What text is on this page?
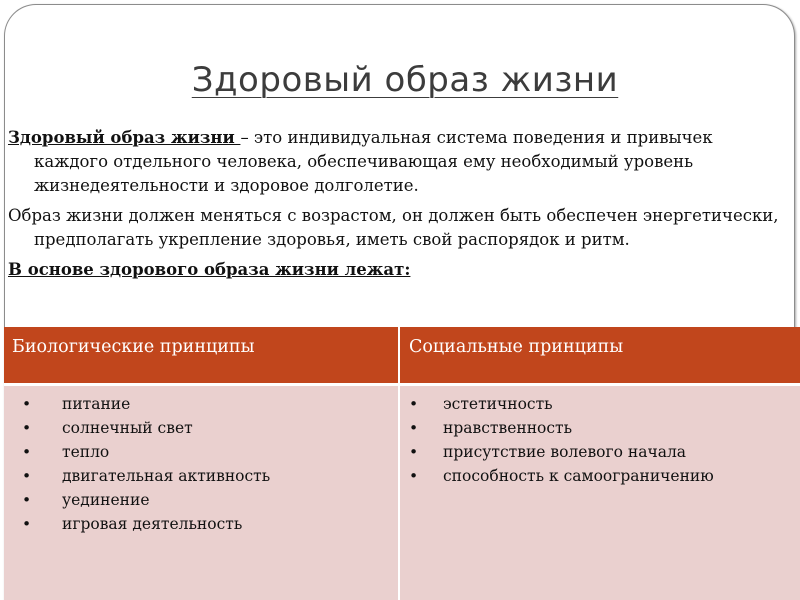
Здоровый образ жизни

Здоровый образ жизни – это индивидуальная система поведения и привычек каждого отдельного человека, обеспечивающая ему необходимый уровень жизнедеятельности и здоровое долголетие.

Образ жизни должен меняться с возрастом, он должен быть обеспечен энергетически, предполагать укрепление здоровья, иметь свой распорядок и ритм.

В основе здорового образа жизни лежат:

Биологические принципы	Социальные принципы
• питание
• солнечный свет
• тепло
• двигательная активность
• уединение
• игровая деятельность
• эстетичность
• нравственность
• присутствие волевого начала
• способность к самоограничению
